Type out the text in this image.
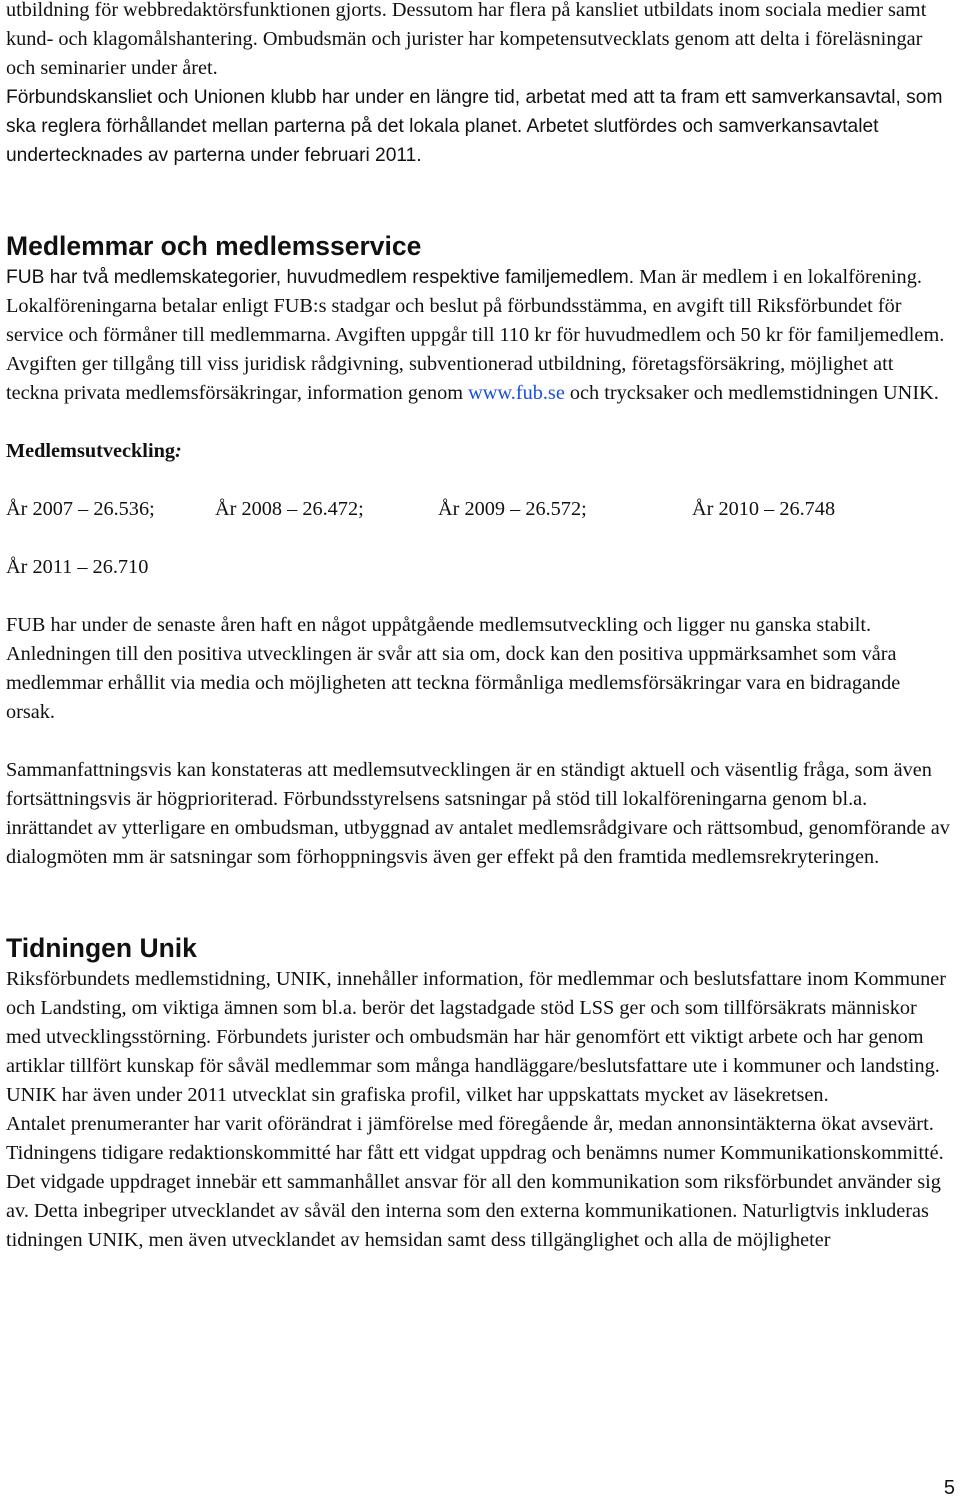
utbildning för webbredaktörsfunktionen gjorts. Dessutom har flera på kansliet utbildats inom sociala medier samt kund- och klagomålshantering. Ombudsmän och jurister har kompetensutvecklats genom att delta i föreläsningar och seminarier under året.

Förbundskansliet och Unionen klubb har under en längre tid, arbetat med att ta fram ett samverkansavtal, som ska reglera förhållandet mellan parterna på det lokala planet. Arbetet slutfördes och samverkansavtalet undertecknades av parterna under februari 2011.

Medlemmar och medlemsservice

FUB har två medlemskategorier, huvudmedlem respektive familjemedlem. Man är medlem i en lokalförening. Lokalföreningarna betalar enligt FUB:s stadgar och beslut på förbundsstämma, en avgift till Riksförbundet för service och förmåner till medlemmarna. Avgiften uppgår till 110 kr för huvudmedlem och 50 kr för familjemedlem. Avgiften ger tillgång till viss juridisk rådgivning, subventionerad utbildning, företagsförsäkring, möjlighet att teckna privata medlemsförsäkringar, information genom www.fub.se och trycksaker och medlemstidningen UNIK.

Medlemsutveckling:

År 2007 – 26.536;	År 2008 – 26.472;	År 2009 – 26.572;	År 2010 – 26.748
År 2011 – 26.710

FUB har under de senaste åren haft en något uppåtgående medlemsutveckling och ligger nu ganska stabilt. Anledningen till den positiva utvecklingen är svår att sia om, dock kan den positiva uppmärksamhet som våra medlemmar erhållit via media och möjligheten att teckna förmånliga medlemsförsäkringar vara en bidragande orsak.

Sammanfattningsvis kan konstateras att medlemsutvecklingen är en ständigt aktuell och väsentlig fråga, som även fortsättningsvis är högprioriterad. Förbundsstyrelsens satsningar på stöd till lokalföreningarna genom bl.a. inrättandet av ytterligare en ombudsman, utbyggnad av antalet medlemsrådgivare och rättsombud, genomförande av dialogmöten mm är satsningar som förhoppningsvis även ger effekt på den framtida medlemsrekryteringen.

Tidningen Unik

Riksförbundets medlemstidning, UNIK, innehåller information, för medlemmar och beslutsfattare inom Kommuner och Landsting, om viktiga ämnen som bl.a. berör det lagstadgade stöd LSS ger och som tillförsäkrats människor med utvecklingsstörning. Förbundets jurister och ombudsmän har här genomfört ett viktigt arbete och har genom artiklar tillfört kunskap för såväl medlemmar som många handläggare/beslutsfattare ute i kommuner och landsting. UNIK har även under 2011 utvecklat sin grafiska profil, vilket har uppskattats mycket av läsekretsen.

Antalet prenumeranter har varit oförändrat i jämförelse med föregående år, medan annonsintäkterna ökat avsevärt.

Tidningens tidigare redaktionskommitté har fått ett vidgat uppdrag och benämns numer Kommunikationskommitté. Det vidgade uppdraget innebär ett sammanhållet ansvar för all den kommunikation som riksförbundet använder sig av. Detta inbegriper utvecklandet av såväl den interna som den externa kommunikationen. Naturligtvis inkluderas tidningen UNIK, men även utvecklandet av hemsidan samt dess tillgänglighet och alla de möjligheter

5
